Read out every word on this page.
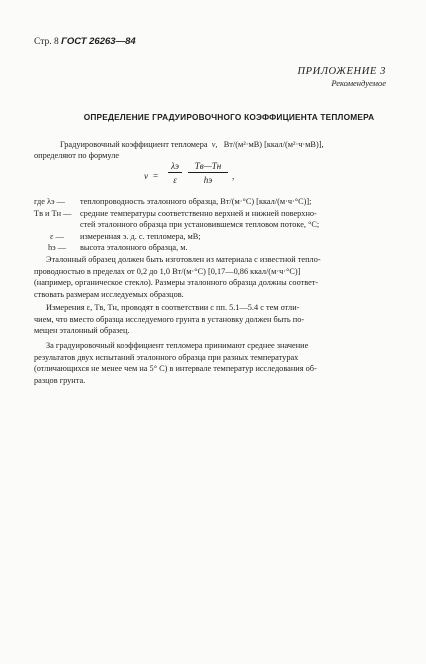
Стр. 8 ГОСТ 26263—84
ПРИЛОЖЕНИЕ 3
Рекомендуемое
ОПРЕДЕЛЕНИЕ ГРАДУИРОВОЧНОГО КОЭФФИЦИЕНТА ТЕПЛОМЕРА
Градуировочный коэффициент тепломера ν, Вт/(м²·мВ) [ккал/(м²·ч·мВ)],
определяют по формуле
ν =
λэ
ε
Tв—Tн
hэ	,
где λэ — теплопроводность эталонного образца, Вт/(м·°С) [ккал/(м·ч·°С)];
Tв и Tн — средние температуры соответственно верхней и нижней поверхно-
стей эталонного образца при установившемся тепловом потоке, °С;
ε — измеренная э. д. с. тепломера, мВ;
hэ — высота эталонного образца, м.
Эталонный образец должен быть изготовлен из материала с известной тепло-
проводностью в пределах от 0,2 до 1,0 Вт/(м·°С) [0,17—0,86 ккал/(м·ч·°С)]
(например, органическое стекло). Размеры эталонного образца должны соответ-
ствовать размерам исследуемых образцов.
Измерения ε, Tв, Tн, проводят в соответствии с пп. 5.1—5.4 с тем отли-
чием, что вместо образца исследуемого грунта в установку должен быть по-
мещен эталонный образец.
За градуировочный коэффициент тепломера принимают среднее значение
результатов двух испытаний эталонного образца при разных температурах
(отличающихся не менее чем на 5° С) в интервале температур исследования об-
разцов грунта.
